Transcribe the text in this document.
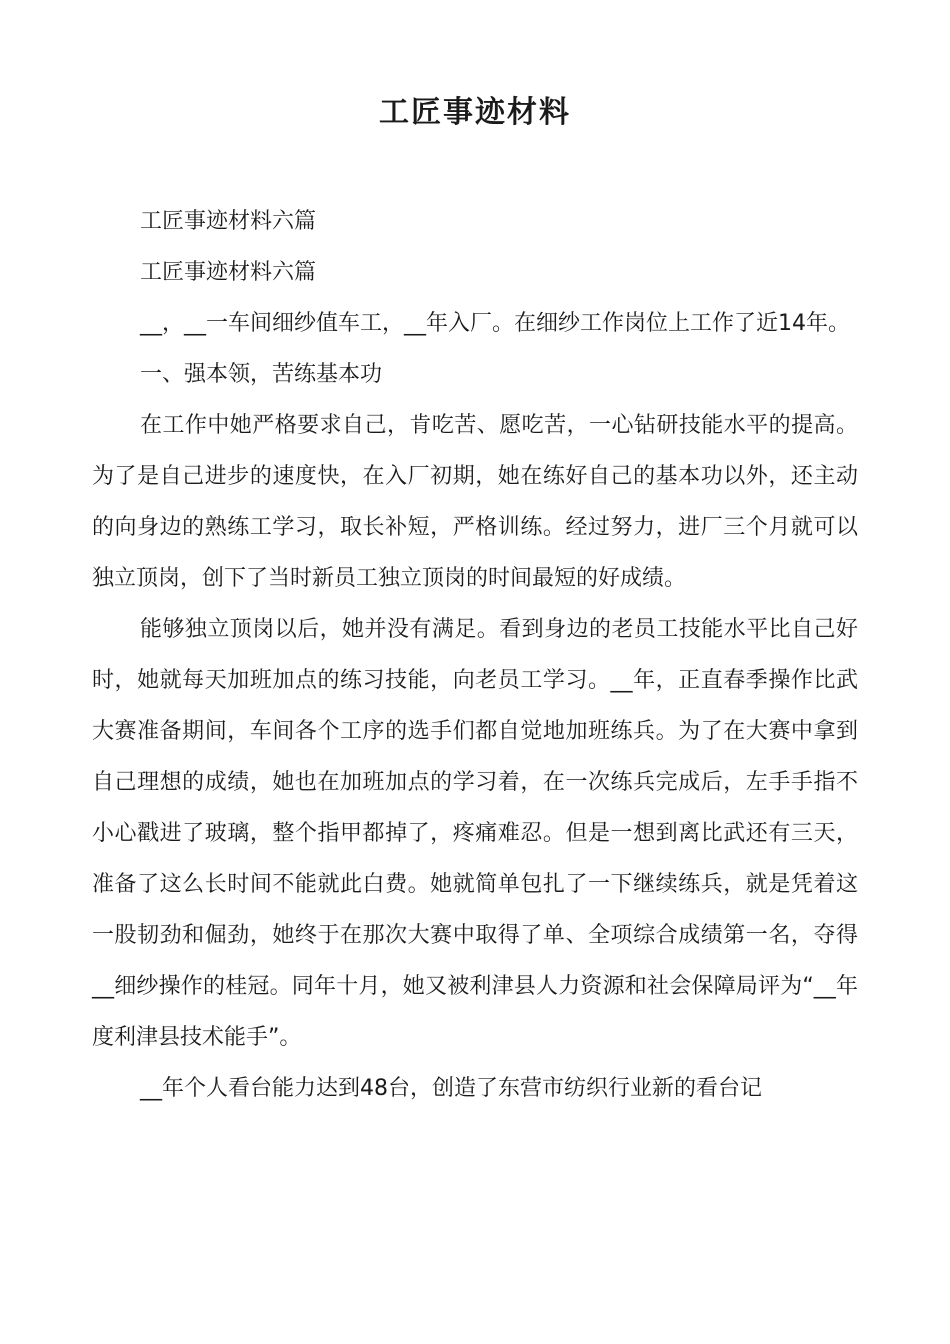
工匠事迹材料

工匠事迹材料六篇

工匠事迹材料六篇

__，__一车间细纱值车工，__年入厂。在细纱工作岗位上工作了近14年。

一、强本领，苦练基本功

在工作中她严格要求自己，肯吃苦、愿吃苦，一心钻研技能水平的提高。为了是自己进步的速度快，在入厂初期，她在练好自己的基本功以外，还主动的向身边的熟练工学习，取长补短，严格训练。经过努力，进厂三个月就可以独立顶岗，创下了当时新员工独立顶岗的时间最短的好成绩。

能够独立顶岗以后，她并没有满足。看到身边的老员工技能水平比自己好时，她就每天加班加点的练习技能，向老员工学习。__年，正直春季操作比武大赛准备期间，车间各个工序的选手们都自觉地加班练兵。为了在大赛中拿到自己理想的成绩，她也在加班加点的学习着，在一次练兵完成后，左手手指不小心戳进了玻璃，整个指甲都掉了，疼痛难忍。但是一想到离比武还有三天，准备了这么长时间不能就此白费。她就简单包扎了一下继续练兵，就是凭着这一股韧劲和倔劲，她终于在那次大赛中取得了单、全项综合成绩第一名，夺得__细纱操作的桂冠。同年十月，她又被利津县人力资源和社会保障局评为“__年度利津县技术能手”。

__年个人看台能力达到48台，创造了东营市纺织行业新的看台记
